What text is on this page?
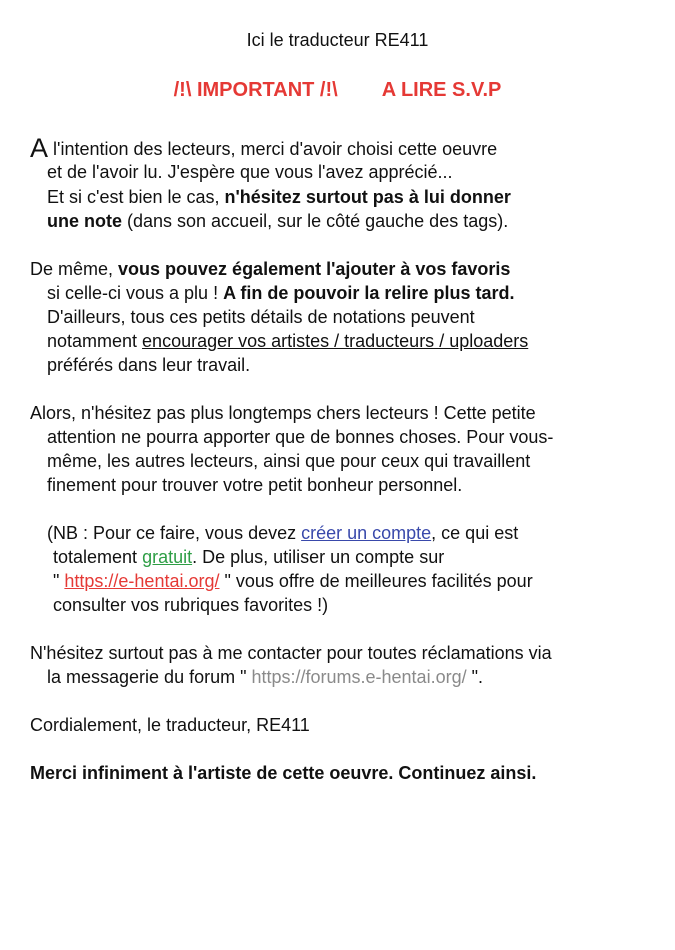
Ici le traducteur RE411
/!\ IMPORTANT /!\ A LIRE S.V.P
A l'intention des lecteurs, merci d'avoir choisi cette oeuvre
et de l'avoir lu. J'espère que vous l'avez apprécié...
Et si c'est bien le cas, n'hésitez surtout pas à lui donner
une note (dans son accueil, sur le côté gauche des tags).
De même, vous pouvez également l'ajouter à vos favoris
si celle-ci vous a plu ! A fin de pouvoir la relire plus tard.
D'ailleurs, tous ces petits détails de notations peuvent
notamment encourager vos artistes / traducteurs / uploaders
préférés dans leur travail.
Alors, n'hésitez pas plus longtemps chers lecteurs ! Cette petite
attention ne pourra apporter que de bonnes choses. Pour vous-
même, les autres lecteurs, ainsi que pour ceux qui travaillent
finement pour trouver votre petit bonheur personnel.
(NB : Pour ce faire, vous devez créer un compte, ce qui est
totalement gratuit. De plus, utiliser un compte sur
" https://e-hentai.org/ " vous offre de meilleures facilités pour
consulter vos rubriques favorites !)
N'hésitez surtout pas à me contacter pour toutes réclamations via
la messagerie du forum " https://forums.e-hentai.org/ ".
Cordialement, le traducteur, RE411
Merci infiniment à l'artiste de cette oeuvre. Continuez ainsi.
